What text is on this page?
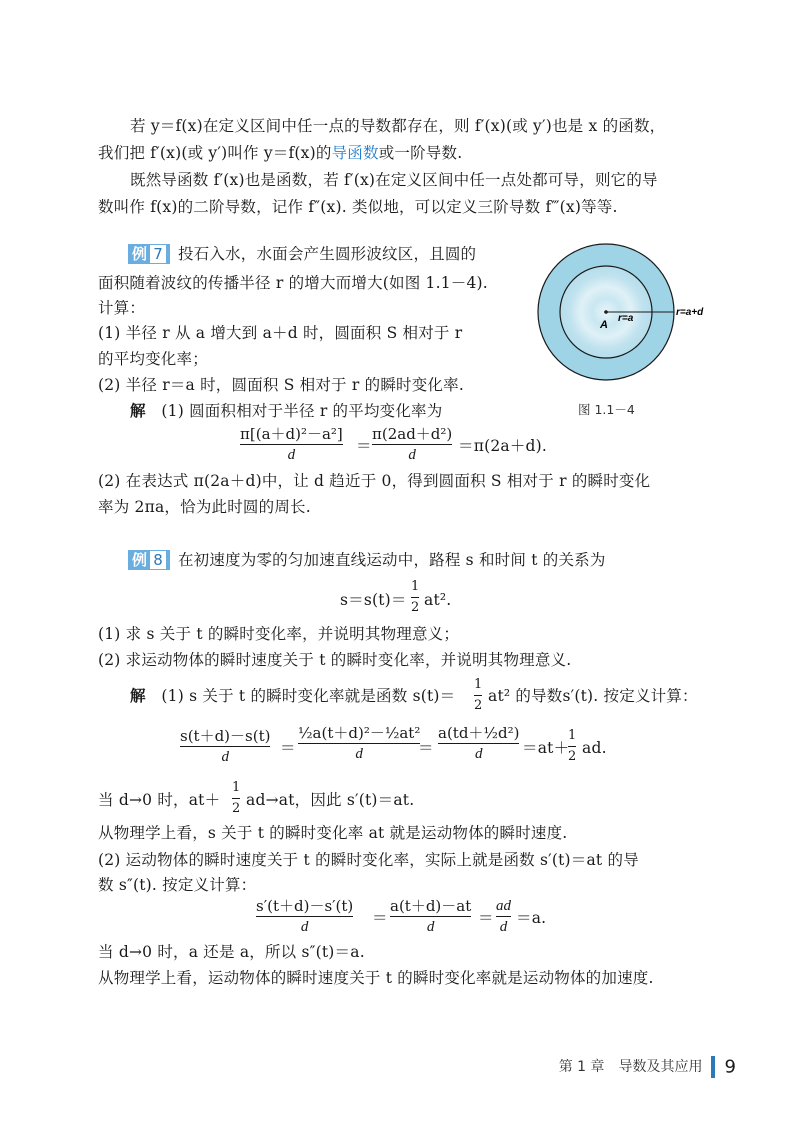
若 y＝f(x)在定义区间中任一点的导数都存在，则 f′(x)(或 y′)也是 x 的函数，
我们把 f′(x)(或 y′)叫作 y＝f(x)的导函数或一阶导数.
既然导函数 f′(x)也是函数，若 f′(x)在定义区间中任一点处都可导，则它的导
数叫作 f(x)的二阶导数，记作 f″(x). 类似地，可以定义三阶导数 f‴(x)等等.
例 7 投石入水，水面会产生圆形波纹区，且圆的
面积随着波纹的传播半径 r 的增大而增大(如图 1.1－4).
计算：
(1) 半径 r 从 a 增大到 a＋d 时，圆面积 S 相对于 r
的平均变化率；
(2) 半径 r＝a 时，圆面积 S 相对于 r 的瞬时变化率.
解　 (1) 圆面积相对于半径 r 的平均变化率为
π[(a＋d)²－a²]
d	＝
π(2ad＋d²)
d	＝π(2a＋d).
(2) 在表达式 π(2a＋d)中，让 d 趋近于 0，得到圆面积 S 相对于 r 的瞬时变化
率为 2πa，恰为此时圆的周长.
A
r=a
r=a+d
图 1.1－4
例 8 在初速度为零的匀加速直线运动中，路程 s 和时间 t 的关系为
s＝s(t)＝
1
2 at².
(1) 求 s 关于 t 的瞬时变化率，并说明其物理意义；
(2) 求运动物体的瞬时速度关于 t 的瞬时变化率，并说明其物理意义.
解　 (1) s 关于 t 的瞬时变化率就是函数 s(t)＝
1
2
at² 的导数s′(t). 按定义计算：
s(t＋d)－s(t)
d	＝
½a(t＋d)²－½at²
d	＝
a(td＋½d²)
d	＝at＋
1
2 ad.
当 d→0 时，at＋
1
2 ad→at，因此 s′(t)＝at.
从物理学上看，s 关于 t 的瞬时变化率 at 就是运动物体的瞬时速度.
(2) 运动物体的瞬时速度关于 t 的瞬时变化率，实际上就是函数 s′(t)＝at 的导
数 s″(t). 按定义计算：
s′(t＋d)－s′(t)
d	＝
a(t＋d)－at
d	＝
ad
d ＝a.
当 d→0 时，a 还是 a，所以 s″(t)＝a.
从物理学上看，运动物体的瞬时速度关于 t 的瞬时变化率就是运动物体的加速度.
第 1 章　导数及其应用 9
